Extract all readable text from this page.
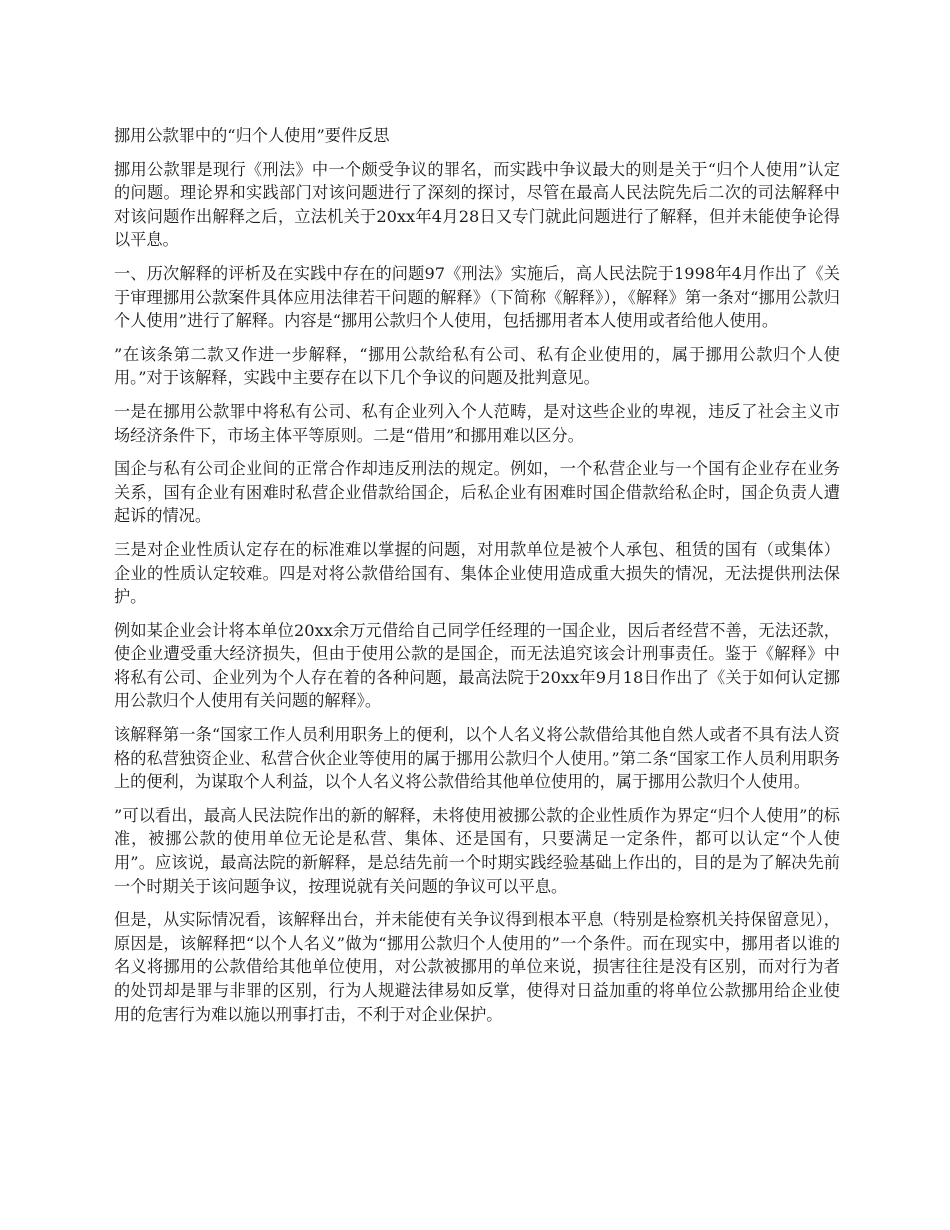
挪用公款罪中的“归个人使用”要件反思

挪用公款罪是现行《刑法》中一个颇受争议的罪名，而实践中争议最大的则是关于“归个人使用”认定的问题。理论界和实践部门对该问题进行了深刻的探讨，尽管在最高人民法院先后二次的司法解释中对该问题作出解释之后，立法机关于20xx年4月28日又专门就此问题进行了解释，但并未能使争论得以平息。

一、历次解释的评析及在实践中存在的问题97《刑法》实施后，高人民法院于1998年4月作出了《关于审理挪用公款案件具体应用法律若干问题的解释》（下简称《解释》），《解释》第一条对“挪用公款归个人使用”进行了解释。内容是“挪用公款归个人使用，包括挪用者本人使用或者给他人使用。

”在该条第二款又作进一步解释，“挪用公款给私有公司、私有企业使用的，属于挪用公款归个人使用。”对于该解释，实践中主要存在以下几个争议的问题及批判意见。

一是在挪用公款罪中将私有公司、私有企业列入个人范畴，是对这些企业的卑视，违反了社会主义市场经济条件下，市场主体平等原则。二是“借用”和挪用难以区分。

国企与私有公司企业间的正常合作却违反刑法的规定。例如，一个私营企业与一个国有企业存在业务关系，国有企业有困难时私营企业借款给国企，后私企业有困难时国企借款给私企时，国企负责人遭起诉的情况。

三是对企业性质认定存在的标准难以掌握的问题，对用款单位是被个人承包、租赁的国有（或集体）企业的性质认定较难。四是对将公款借给国有、集体企业使用造成重大损失的情况，无法提供刑法保护。

例如某企业会计将本单位20xx余万元借给自己同学任经理的一国企业，因后者经营不善，无法还款，使企业遭受重大经济损失，但由于使用公款的是国企，而无法追究该会计刑事责任。鉴于《解释》中将私有公司、企业列为个人存在着的各种问题，最高法院于20xx年9月18日作出了《关于如何认定挪用公款归个人使用有关问题的解释》。

该解释第一条“国家工作人员利用职务上的便利，以个人名义将公款借给其他自然人或者不具有法人资格的私营独资企业、私营合伙企业等使用的属于挪用公款归个人使用。”第二条“国家工作人员利用职务上的便利，为谋取个人利益，以个人名义将公款借给其他单位使用的，属于挪用公款归个人使用。

”可以看出，最高人民法院作出的新的解释，未将使用被挪公款的企业性质作为界定“归个人使用”的标准，被挪公款的使用单位无论是私营、集体、还是国有，只要满足一定条件，都可以认定“个人使用”。应该说，最高法院的新解释，是总结先前一个时期实践经验基础上作出的，目的是为了解决先前一个时期关于该问题争议，按理说就有关问题的争议可以平息。

但是，从实际情况看，该解释出台，并未能使有关争议得到根本平息（特别是检察机关持保留意见），原因是，该解释把“以个人名义”做为“挪用公款归个人使用的”一个条件。而在现实中，挪用者以谁的名义将挪用的公款借给其他单位使用，对公款被挪用的单位来说，损害往往是没有区别，而对行为者的处罚却是罪与非罪的区别，行为人规避法律易如反掌，使得对日益加重的将单位公款挪用给企业使用的危害行为难以施以刑事打击，不利于对企业保护。
